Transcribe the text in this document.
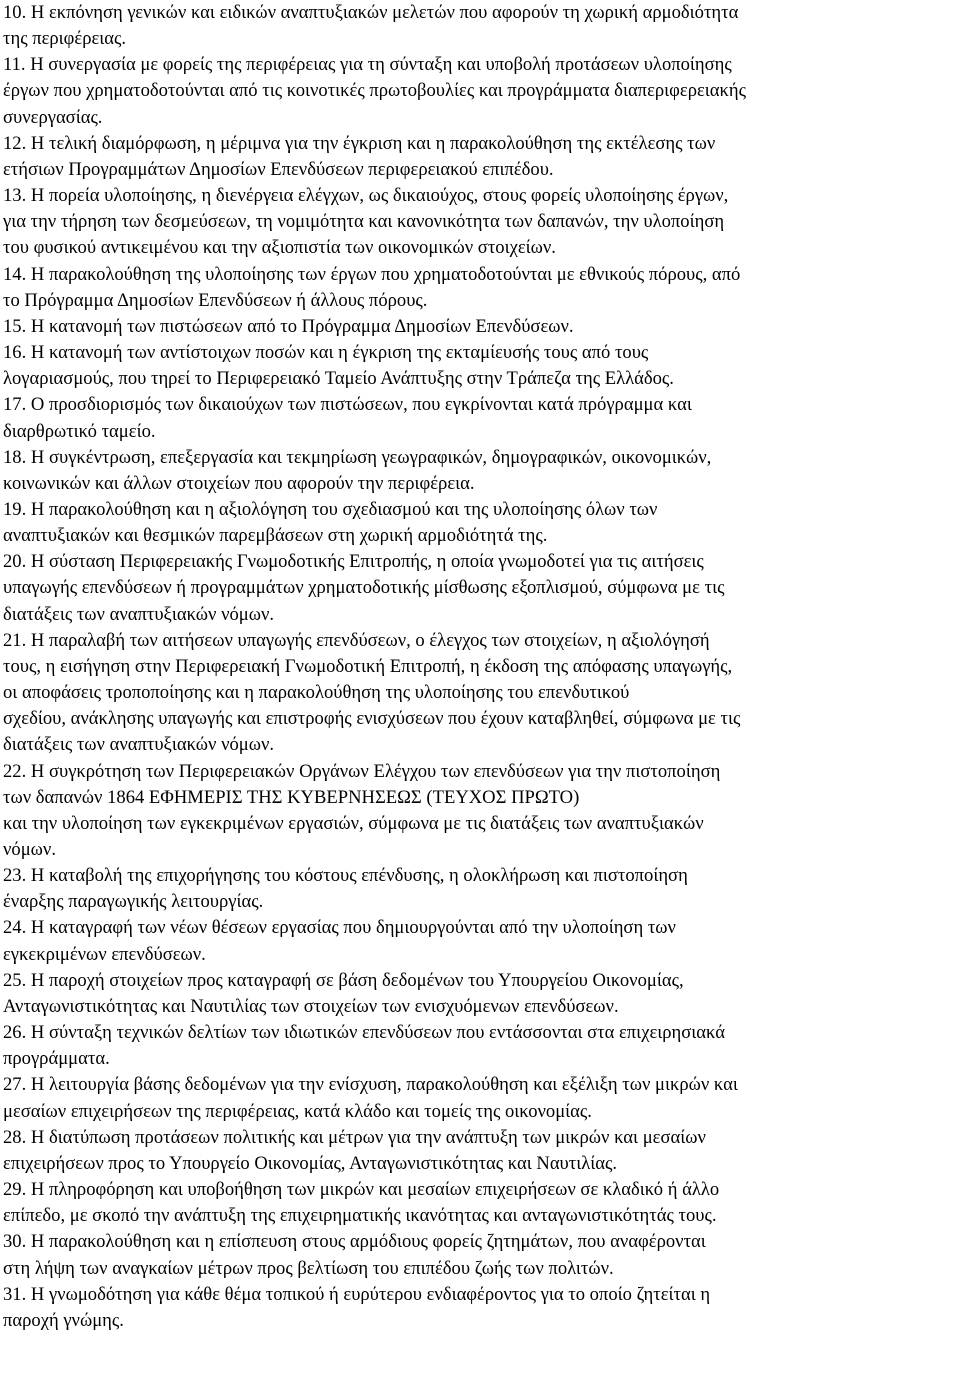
10. Η εκπόνηση γενικών και ειδικών αναπτυξιακών μελετών που αφορούν τη χωρική αρμοδιότητα
της περιφέρειας.
11. Η συνεργασία με φορείς της περιφέρειας για τη σύνταξη και υποβολή προτάσεων υλοποίησης
έργων που χρηματοδοτούνται από τις κοινοτικές πρωτοβουλίες και προγράμματα διαπεριφερειακής
συνεργασίας.
12. Η τελική διαμόρφωση, η μέριμνα για την έγκριση και η παρακολούθηση της εκτέλεσης των
ετήσιων Προγραμμάτων Δημοσίων Επενδύσεων περιφερειακού επιπέδου.
13. Η πορεία υλοποίησης, η διενέργεια ελέγχων, ως δικαιούχος, στους φορείς υλοποίησης έργων,
για την τήρηση των δεσμεύσεων, τη νομιμότητα και κανονικότητα των δαπανών, την υλοποίηση
του φυσικού αντικειμένου και την αξιοπιστία των οικονομικών στοιχείων.
14. Η παρακολούθηση της υλοποίησης των έργων που χρηματοδοτούνται με εθνικούς πόρους, από
το Πρόγραμμα Δημοσίων Επενδύσεων ή άλλους πόρους.
15. Η κατανομή των πιστώσεων από το Πρόγραμμα Δημοσίων Επενδύσεων.
16. Η κατανομή των αντίστοιχων ποσών και η έγκριση της εκταμίευσής τους από τους
λογαριασμούς, που τηρεί το Περιφερειακό Ταμείο Ανάπτυξης στην Τράπεζα της Ελλάδος.
17. Ο προσδιορισμός των δικαιούχων των πιστώσεων, που εγκρίνονται κατά πρόγραμμα και
διαρθρωτικό ταμείο.
18. Η συγκέντρωση, επεξεργασία και τεκμηρίωση γεωγραφικών, δημογραφικών, οικονομικών,
κοινωνικών και άλλων στοιχείων που αφορούν την περιφέρεια.
19. Η παρακολούθηση και η αξιολόγηση του σχεδιασμού και της υλοποίησης όλων των
αναπτυξιακών και θεσμικών παρεμβάσεων στη χωρική αρμοδιότητά της.
20. Η σύσταση Περιφερειακής Γνωμοδοτικής Επιτροπής, η οποία γνωμοδοτεί για τις αιτήσεις
υπαγωγής επενδύσεων ή προγραμμάτων χρηματοδοτικής μίσθωσης εξοπλισμού, σύμφωνα με τις
διατάξεις των αναπτυξιακών νόμων.
21. Η παραλαβή των αιτήσεων υπαγωγής επενδύσεων, ο έλεγχος των στοιχείων, η αξιολόγησή
τους, η εισήγηση στην Περιφερειακή Γνωμοδοτική Επιτροπή, η έκδοση της απόφασης υπαγωγής,
οι αποφάσεις τροποποίησης και η παρακολούθηση της υλοποίησης του επενδυτικού
σχεδίου, ανάκλησης υπαγωγής και επιστροφής ενισχύσεων που έχουν καταβληθεί, σύμφωνα με τις
διατάξεις των αναπτυξιακών νόμων.
22. Η συγκρότηση των Περιφερειακών Οργάνων Ελέγχου των επενδύσεων για την πιστοποίηση
των δαπανών 1864 ΕΦΗΜΕΡΙΣ ΤΗΣ ΚΥΒΕΡΝΗΣΕΩΣ (ΤΕΥΧΟΣ ΠΡΩΤΟ)
και την υλοποίηση των εγκεκριμένων εργασιών, σύμφωνα με τις διατάξεις των αναπτυξιακών
νόμων.
23. Η καταβολή της επιχορήγησης του κόστους επένδυσης, η ολοκλήρωση και πιστοποίηση
έναρξης παραγωγικής λειτουργίας.
24. Η καταγραφή των νέων θέσεων εργασίας που δημιουργούνται από την υλοποίηση των
εγκεκριμένων επενδύσεων.
25. Η παροχή στοιχείων προς καταγραφή σε βάση δεδομένων του Υπουργείου Οικονομίας,
Ανταγωνιστικότητας και Ναυτιλίας των στοιχείων των ενισχυόμενων επενδύσεων.
26. Η σύνταξη τεχνικών δελτίων των ιδιωτικών επενδύσεων που εντάσσονται στα επιχειρησιακά
προγράμματα.
27. Η λειτουργία βάσης δεδομένων για την ενίσχυση, παρακολούθηση και εξέλιξη των μικρών και
μεσαίων επιχειρήσεων της περιφέρειας, κατά κλάδο και τομείς της οικονομίας.
28. Η διατύπωση προτάσεων πολιτικής και μέτρων για την ανάπτυξη των μικρών και μεσαίων
επιχειρήσεων προς το Υπουργείο Οικονομίας, Ανταγωνιστικότητας και Ναυτιλίας.
29. Η πληροφόρηση και υποβοήθηση των μικρών και μεσαίων επιχειρήσεων σε κλαδικό ή άλλο
επίπεδο, με σκοπό την ανάπτυξη της επιχειρηματικής ικανότητας και ανταγωνιστικότητάς τους.
30. Η παρακολούθηση και η επίσπευση στους αρμόδιους φορείς ζητημάτων, που αναφέρονται
στη λήψη των αναγκαίων μέτρων προς βελτίωση του επιπέδου ζωής των πολιτών.
31. Η γνωμοδότηση για κάθε θέμα τοπικού ή ευρύτερου ενδιαφέροντος για το οποίο ζητείται η
παροχή γνώμης.
